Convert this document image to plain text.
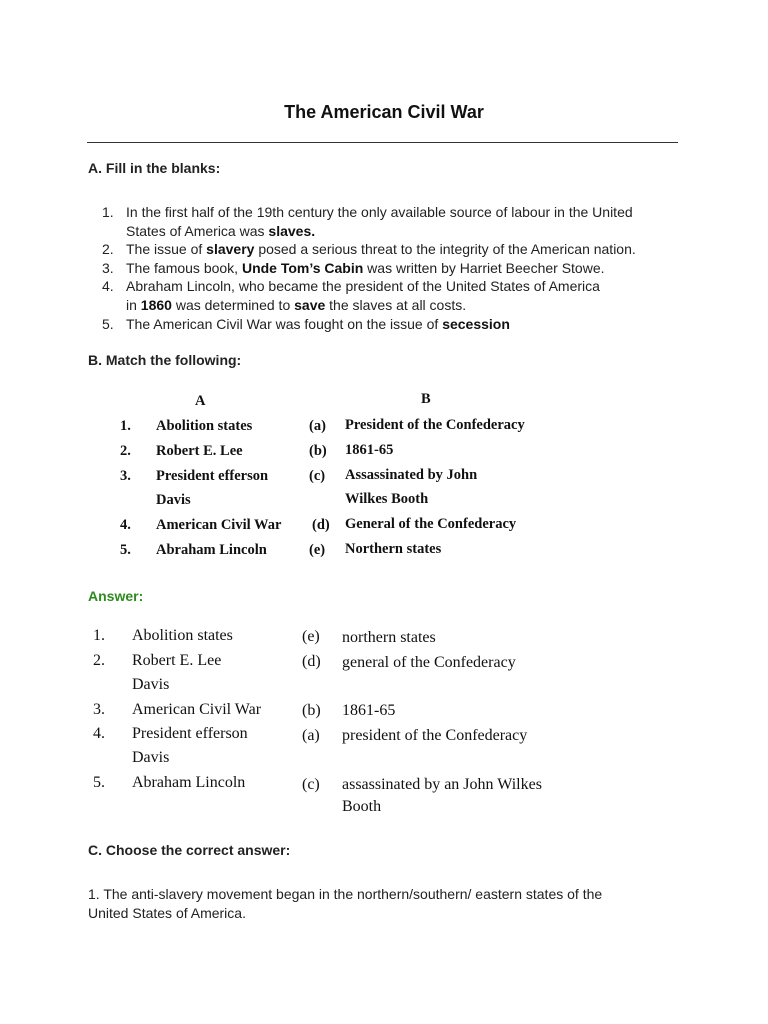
The American Civil War
A. Fill in the blanks:
1. In the first half of the 19th century the only available source of labour in the United
States of America was slaves.
2. The issue of slavery posed a serious threat to the integrity of the American nation.
3. The famous book, Unde Tom’s Cabin was written by Harriet Beecher Stowe.
4. Abraham Lincoln, who became the president of the United States of America
in 1860 was determined to save the slaves at all costs.
5. The American Civil War was fought on the issue of secession
B. Match the following:
A	B
1. Abolition states	(a) President of the Confederacy
2. Robert E. Lee	(b) 1861-65
3. President efferson	(c) Assassinated by John
Davis	Wilkes Booth
4. American Civil War (d) General of the Confederacy
5. Abraham Lincoln	(e) Northern states
Answer:
1. Abolition states	(e) northern states
2. Robert E. Lee	(d) general of the Confederacy
Davis
3. American Civil War	(b) 1861-65
4. President efferson	(a) president of the Confederacy
Davis
5. Abraham Lincoln	(c) assassinated by an John Wilkes
Booth
C. Choose the correct answer:
1. The anti-slavery movement began in the northern/southern/ eastern states of the
United States of America.
